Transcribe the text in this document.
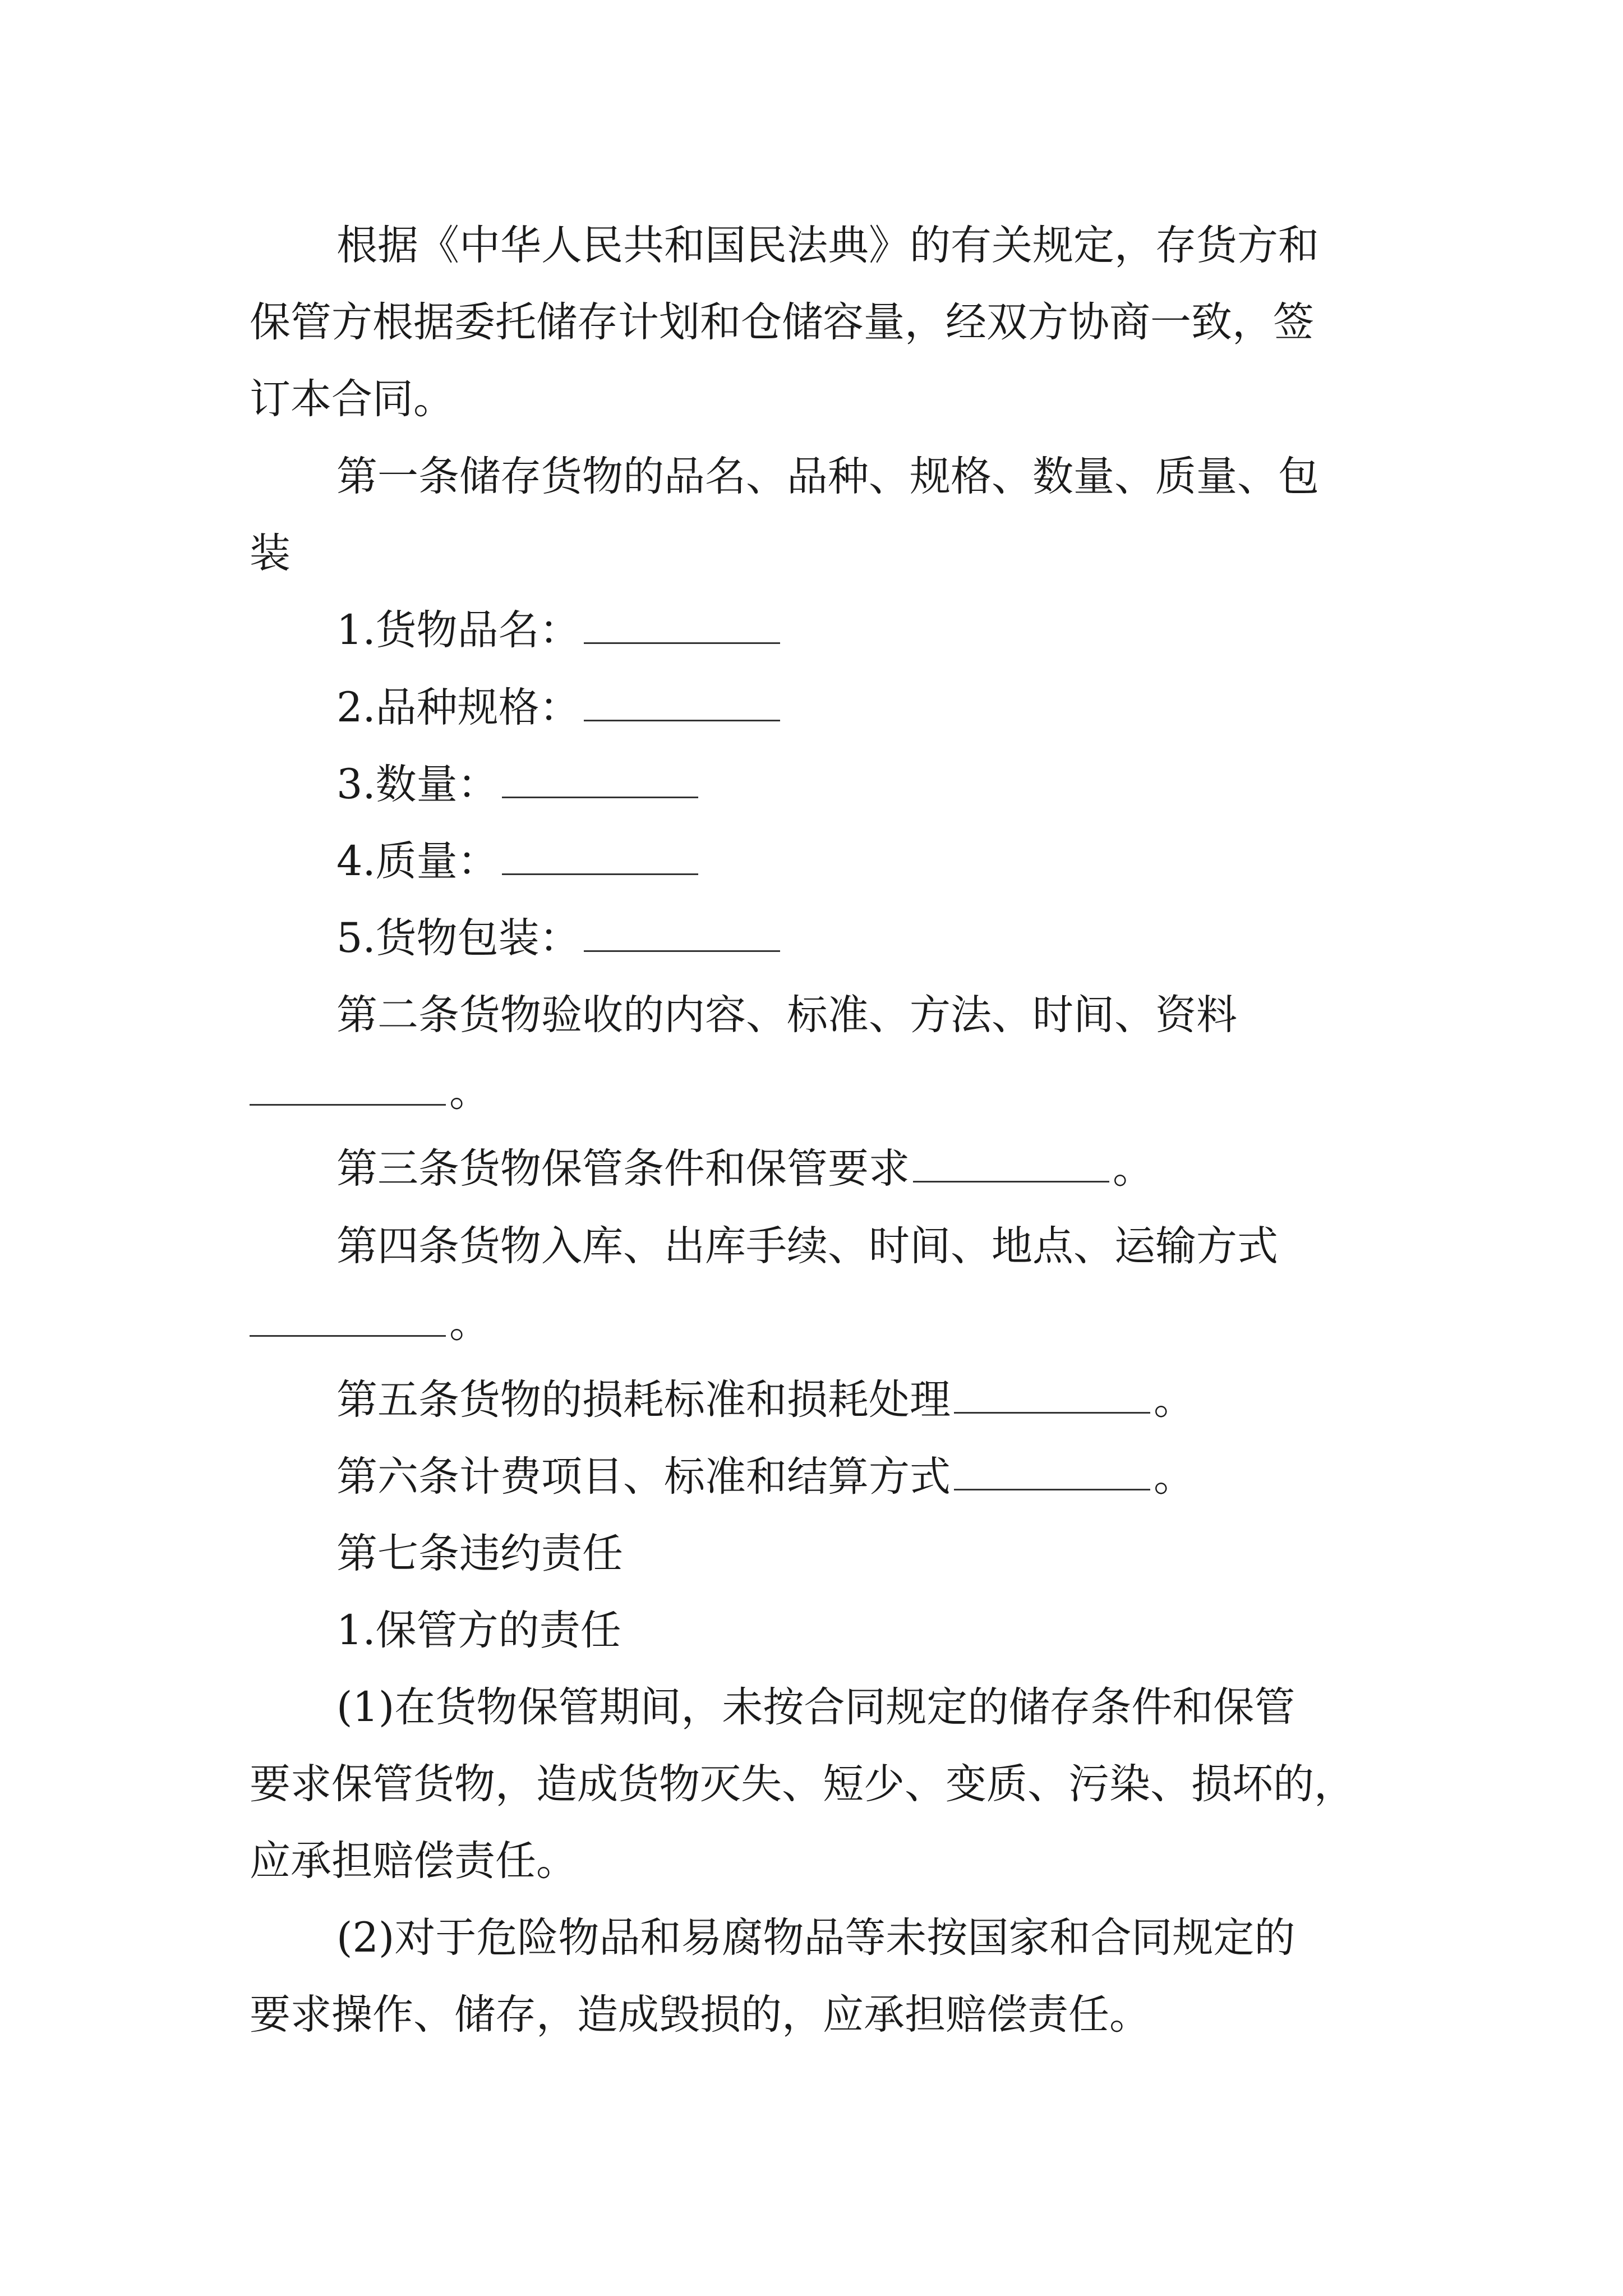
根据《中华人民共和国民法典》的有关规定，存货方和
保管方根据委托储存计划和仓储容量，经双方协商一致，签
订本合同。
第一条储存货物的品名、品种、规格、数量、质量、包
装
1.货物品名：
2.品种规格：
3.数量：
4.质量：
5.货物包装：
第二条货物验收的内容、标准、方法、时间、资料
。
第三条货物保管条件和保管要求	。
第四条货物入库、出库手续、时间、地点、运输方式
。
第五条货物的损耗标准和损耗处理	。
第六条计费项目、标准和结算方式	。
第七条违约责任
1.保管方的责任
(1)在货物保管期间，未按合同规定的储存条件和保管
要求保管货物，造成货物灭失、短少、变质、污染、损坏的，
应承担赔偿责任。
(2)对于危险物品和易腐物品等未按国家和合同规定的
要求操作、储存，造成毁损的，应承担赔偿责任。
